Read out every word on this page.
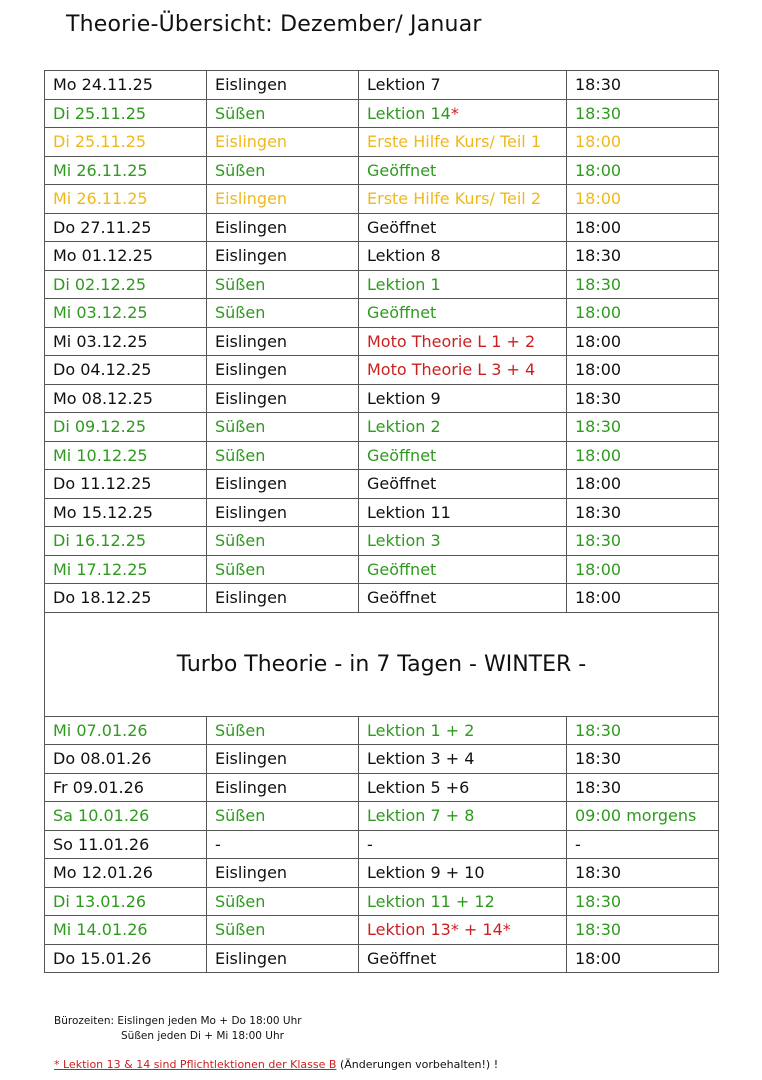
Theorie-Übersicht: Dezember/ Januar
Mo 24.11.25	Eislingen	Lektion 7	18:30
Di 25.11.25	Süßen	Lektion 14*	18:30
Di 25.11.25	Eislingen	Erste Hilfe Kurs/ Teil 1	18:00
Mi 26.11.25	Süßen	Geöffnet	18:00
Mi 26.11.25	Eislingen	Erste Hilfe Kurs/ Teil 2	18:00
Do 27.11.25	Eislingen	Geöffnet	18:00
Mo 01.12.25	Eislingen	Lektion 8	18:30
Di 02.12.25	Süßen	Lektion 1	18:30
Mi 03.12.25	Süßen	Geöffnet	18:00
Mi 03.12.25	Eislingen	Moto Theorie L 1 + 2	18:00
Do 04.12.25	Eislingen	Moto Theorie L 3 + 4	18:00
Mo 08.12.25	Eislingen	Lektion 9	18:30
Di 09.12.25	Süßen	Lektion 2	18:30
Mi 10.12.25	Süßen	Geöffnet	18:00
Do 11.12.25	Eislingen	Geöffnet	18:00
Mo 15.12.25	Eislingen	Lektion 11	18:30
Di 16.12.25	Süßen	Lektion 3	18:30
Mi 17.12.25	Süßen	Geöffnet	18:00
Do 18.12.25	Eislingen	Geöffnet	18:00
Turbo Theorie - in 7 Tagen - WINTER -			
Mi 07.01.26	Süßen	Lektion 1 + 2	18:30
Do 08.01.26	Eislingen	Lektion 3 + 4	18:30
Fr 09.01.26	Eislingen	Lektion 5 +6	18:30
Sa 10.01.26	Süßen	Lektion 7 + 8	09:00 morgens
So 11.01.26	-	-	-
Mo 12.01.26	Eislingen	Lektion 9 + 10	18:30
Di 13.01.26	Süßen	Lektion 11 + 12	18:30
Mi 14.01.26	Süßen	Lektion 13* + 14*	18:30
Do 15.01.26	Eislingen	Geöffnet	18:00
Bürozeiten: Eislingen jeden Mo + Do 18:00 Uhr
Süßen jeden Di + Mi 18:00 Uhr
* Lektion 13 & 14 sind Pflichtlektionen der Klasse B (Änderungen vorbehalten!) !
